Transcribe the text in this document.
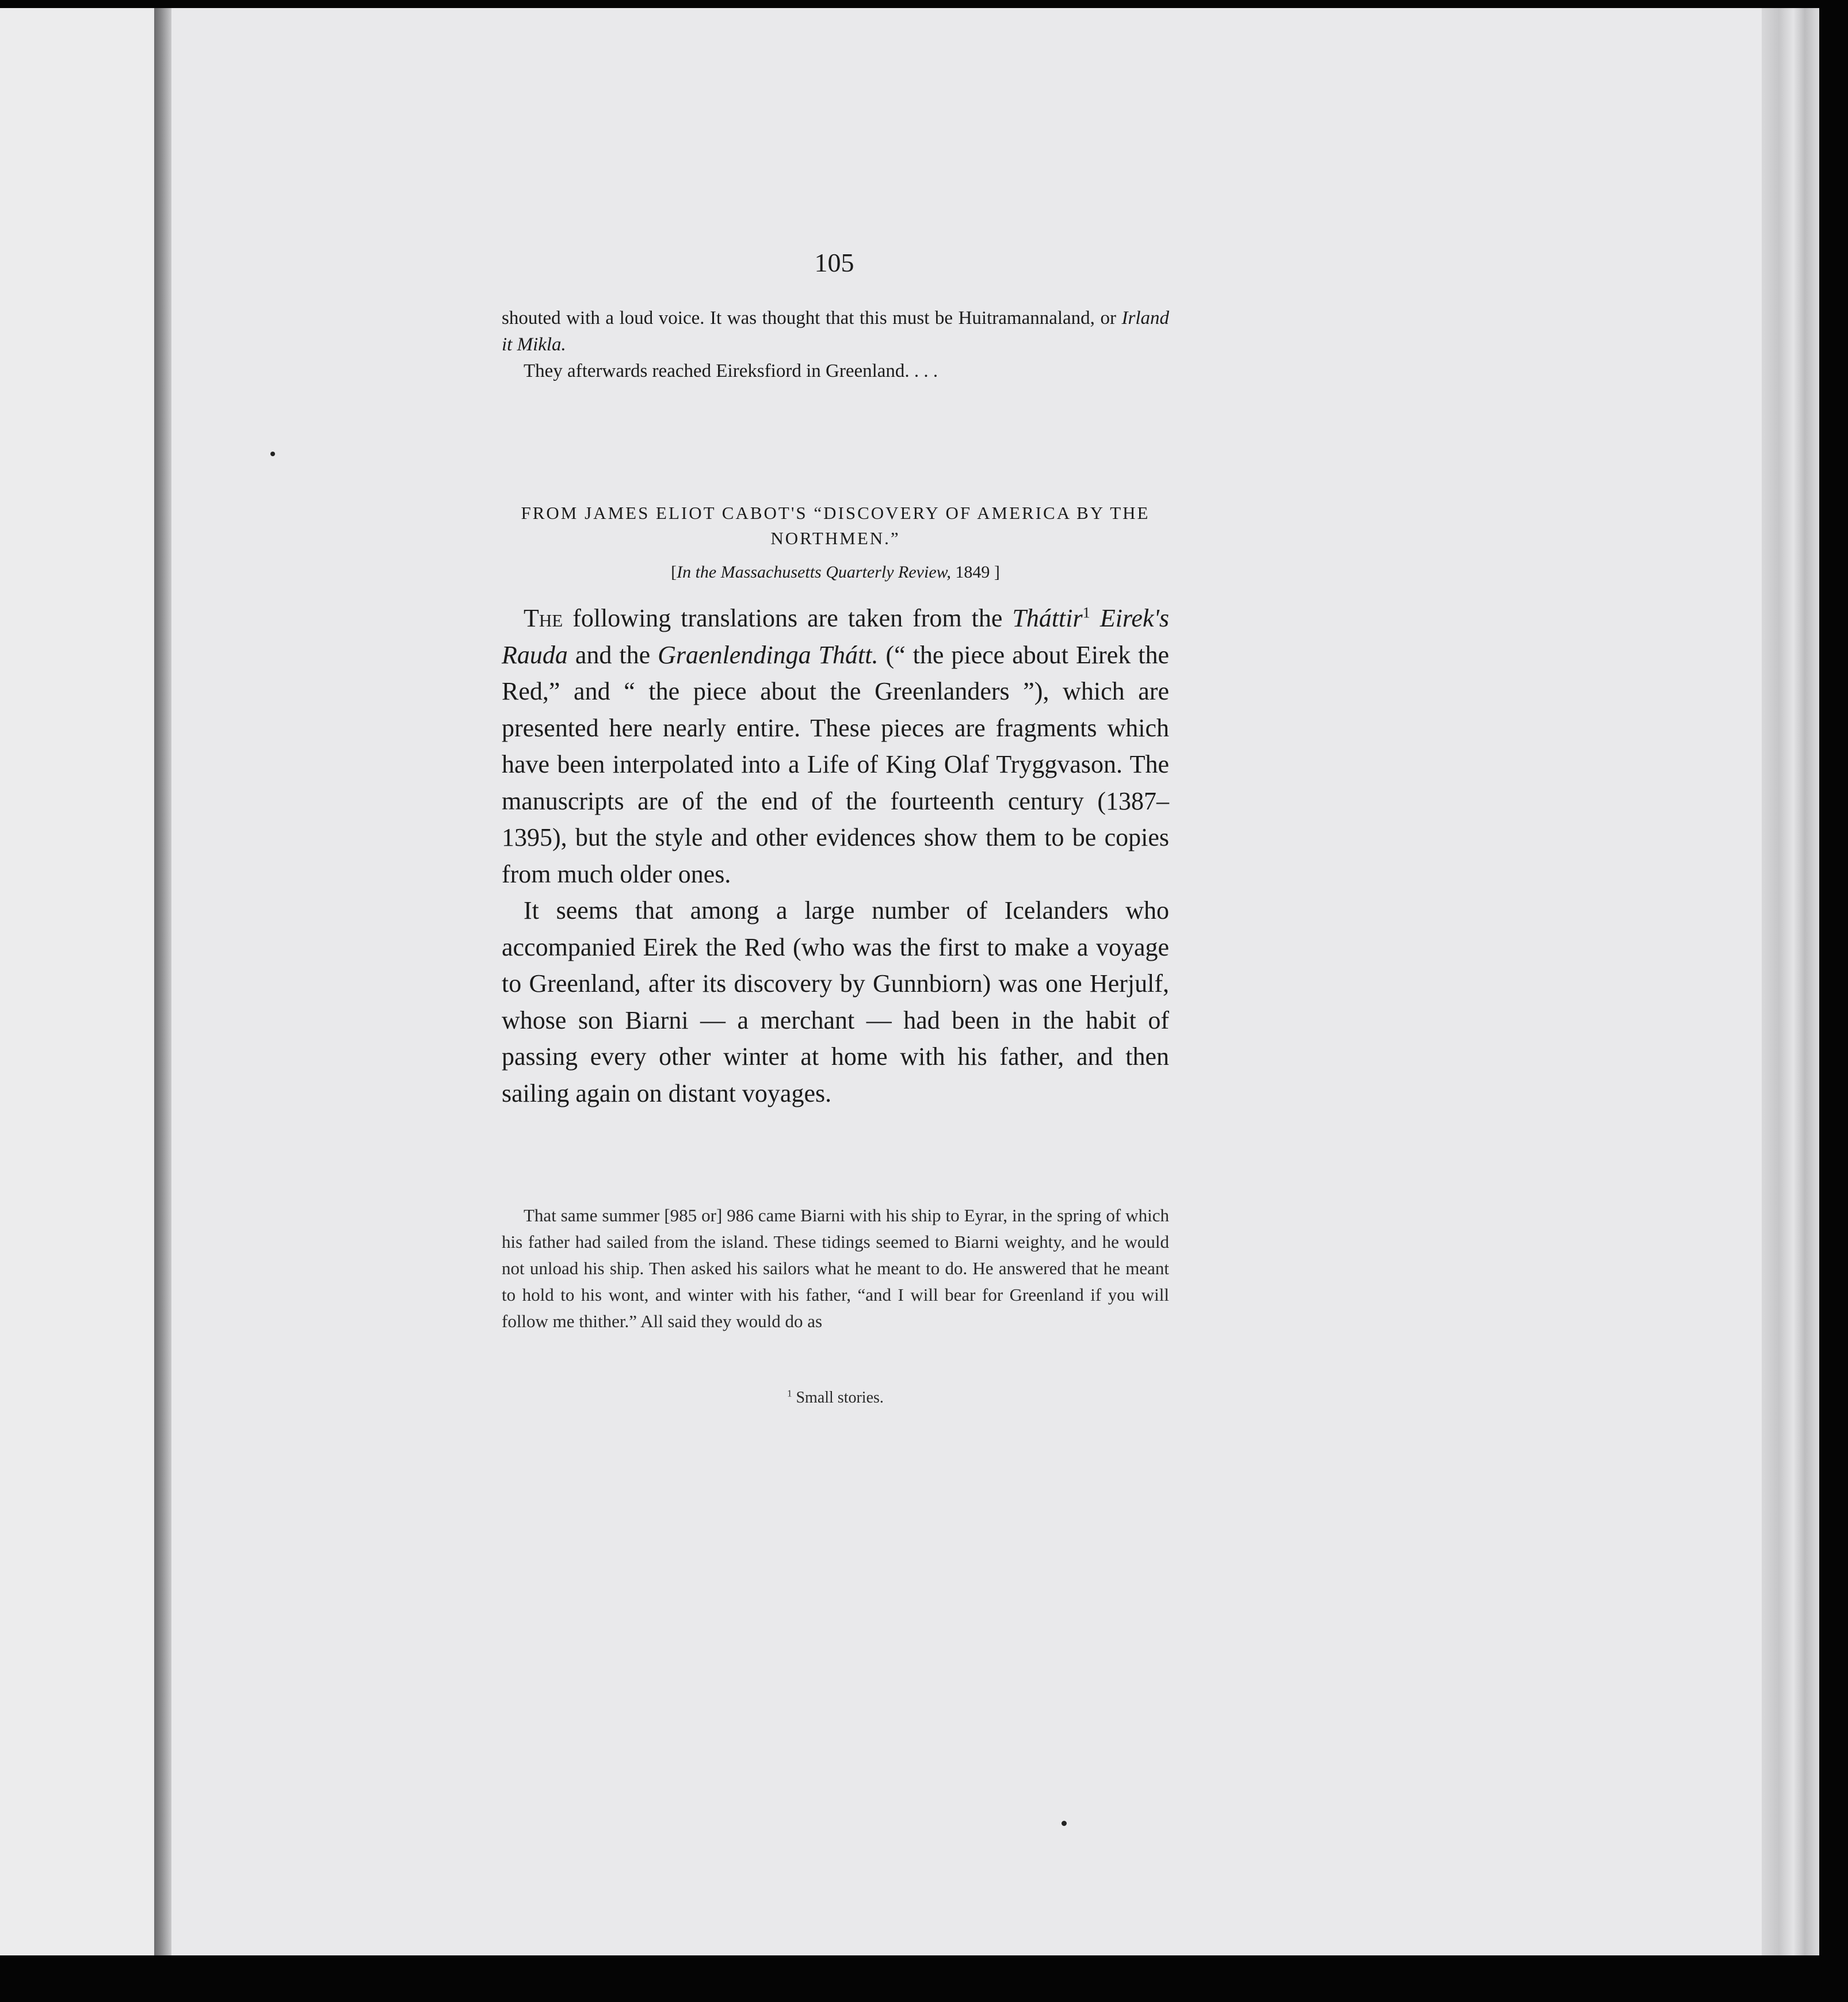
105

shouted with a loud voice. It was thought that this must be Huitramannaland, or Irland it Mikla.

They afterwards reached Eireksfiord in Greenland. . . .

FROM JAMES ELIOT CABOT'S “DISCOVERY OF AMERICA BY THE NORTHMEN.”
[In the Massachusetts Quarterly Review, 1849 ]

The following translations are taken from the Tháttir$^1$ Eirek's Rauda and the Graenlendinga Thátt. (“ the piece about Eirek the Red,” and “ the piece about the Greenlanders ”), which are presented here nearly entire. These pieces are fragments which have been interpolated into a Life of King Olaf Tryggvason. The manuscripts are of the end of the fourteenth century (1387–1395), but the style and other evidences show them to be copies from much older ones.

It seems that among a large number of Icelanders who accompanied Eirek the Red (who was the first to make a voyage to Greenland, after its discovery by Gunnbiorn) was one Herjulf, whose son Biarni — a merchant — had been in the habit of passing every other winter at home with his father, and then sailing again on distant voyages.

That same summer [985 or] 986 came Biarni with his ship to Eyrar, in the spring of which his father had sailed from the island. These tidings seemed to Biarni weighty, and he would not unload his ship. Then asked his sailors what he meant to do. He answered that he meant to hold to his wont, and winter with his father, “and I will bear for Greenland if you will follow me thither.” All said they would do as

$^1$ Small stories.
